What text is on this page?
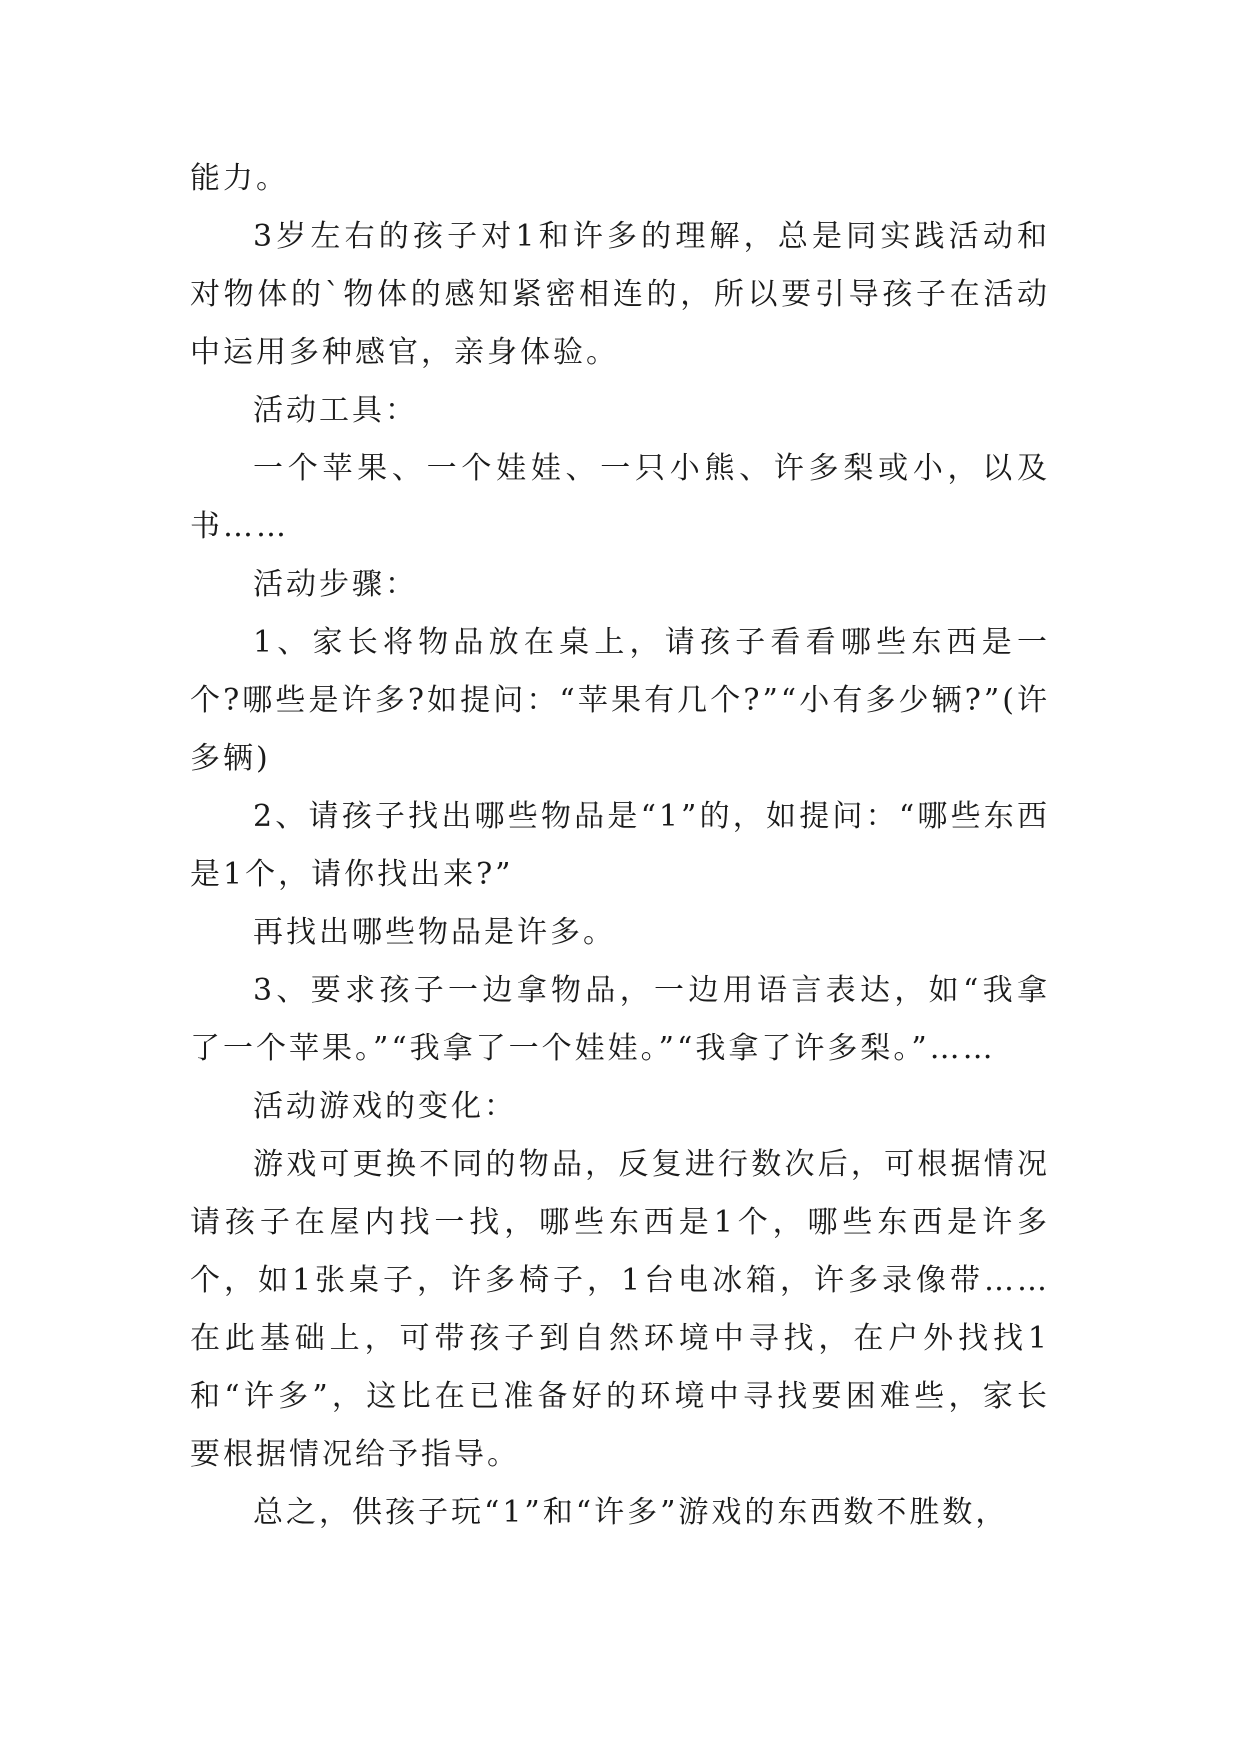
能力。

3岁左右的孩子对1和许多的理解，总是同实践活动和对物体的`物体的感知紧密相连的，所以要引导孩子在活动中运用多种感官，亲身体验。

活动工具：

一个苹果、一个娃娃、一只小熊、许多梨或小，以及书……

活动步骤：

1、家长将物品放在桌上，请孩子看看哪些东西是一个?哪些是许多?如提问：“苹果有几个?”“小有多少辆?”(许多辆)

2、请孩子找出哪些物品是“1”的，如提问：“哪些东西是1个，请你找出来?”

再找出哪些物品是许多。

3、要求孩子一边拿物品，一边用语言表达，如“我拿了一个苹果。”“我拿了一个娃娃。”“我拿了许多梨。”……

活动游戏的变化：

游戏可更换不同的物品，反复进行数次后，可根据情况请孩子在屋内找一找，哪些东西是1个，哪些东西是许多个，如1张桌子，许多椅子，1台电冰箱，许多录像带……在此基础上，可带孩子到自然环境中寻找，在户外找找1和“许多”，这比在已准备好的环境中寻找要困难些，家长要根据情况给予指导。

总之，供孩子玩“1”和“许多”游戏的东西数不胜数，
